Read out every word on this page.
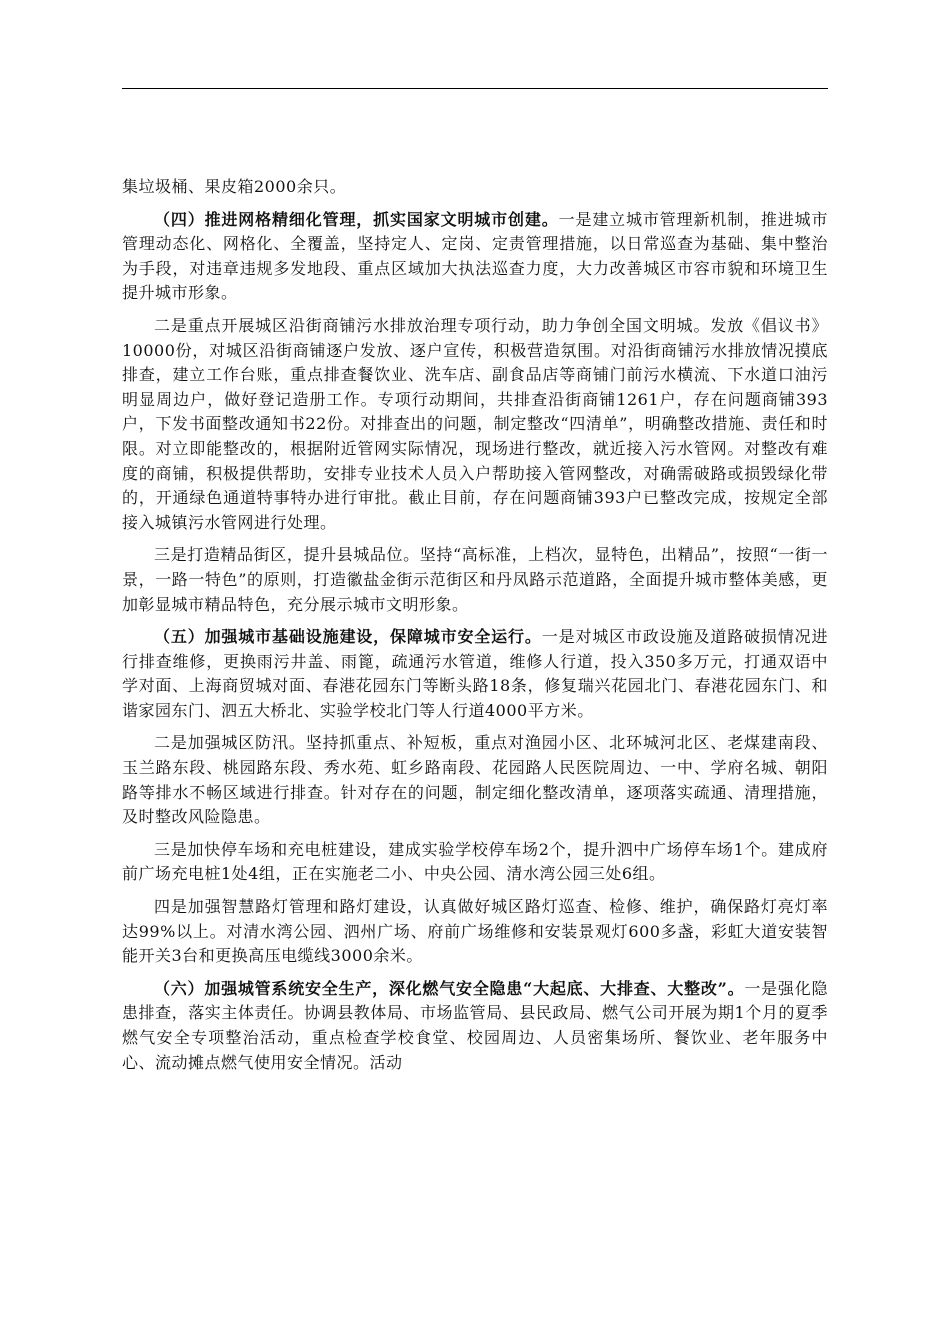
集垃圾桶、果皮箱2000余只。

（四）推进网格精细化管理，抓实国家文明城市创建。一是建立城市管理新机制，推进城市管理动态化、网格化、全覆盖，坚持定人、定岗、定责管理措施，以日常巡查为基础、集中整治为手段，对违章违规多发地段、重点区域加大执法巡查力度，大力改善城区市容市貌和环境卫生提升城市形象。

二是重点开展城区沿街商铺污水排放治理专项行动，助力争创全国文明城。发放《倡议书》10000份，对城区沿街商铺逐户发放、逐户宣传，积极营造氛围。对沿街商铺污水排放情况摸底排查，建立工作台账，重点排查餐饮业、洗车店、副食品店等商铺门前污水横流、下水道口油污明显周边户，做好登记造册工作。专项行动期间，共排查沿街商铺1261户，存在问题商铺393户，下发书面整改通知书22份。对排查出的问题，制定整改“四清单”，明确整改措施、责任和时限。对立即能整改的，根据附近管网实际情况，现场进行整改，就近接入污水管网。对整改有难度的商铺，积极提供帮助，安排专业技术人员入户帮助接入管网整改，对确需破路或损毁绿化带的，开通绿色通道特事特办进行审批。截止目前，存在问题商铺393户已整改完成，按规定全部接入城镇污水管网进行处理。

三是打造精品街区，提升县城品位。坚持“高标准，上档次，显特色，出精品”，按照“一街一景，一路一特色”的原则，打造徽盐金街示范街区和丹凤路示范道路，全面提升城市整体美感，更加彰显城市精品特色，充分展示城市文明形象。

（五）加强城市基础设施建设，保障城市安全运行。一是对城区市政设施及道路破损情况进行排查维修，更换雨污井盖、雨篦，疏通污水管道，维修人行道，投入350多万元，打通双语中学对面、上海商贸城对面、春港花园东门等断头路18条，修复瑞兴花园北门、春港花园东门、和谐家园东门、泗五大桥北、实验学校北门等人行道4000平方米。

二是加强城区防汛。坚持抓重点、补短板，重点对渔园小区、北环城河北区、老煤建南段、玉兰路东段、桃园路东段、秀水苑、虹乡路南段、花园路人民医院周边、一中、学府名城、朝阳路等排水不畅区域进行排查。针对存在的问题，制定细化整改清单，逐项落实疏通、清理措施，及时整改风险隐患。

三是加快停车场和充电桩建设，建成实验学校停车场2个，提升泗中广场停车场1个。建成府前广场充电桩1处4组，正在实施老二小、中央公园、清水湾公园三处6组。

四是加强智慧路灯管理和路灯建设，认真做好城区路灯巡查、检修、维护，确保路灯亮灯率达99%以上。对清水湾公园、泗州广场、府前广场维修和安装景观灯600多盏，彩虹大道安装智能开关3台和更换高压电缆线3000余米。

（六）加强城管系统安全生产，深化燃气安全隐患“大起底、大排查、大整改”。一是强化隐患排查，落实主体责任。协调县教体局、市场监管局、县民政局、燃气公司开展为期1个月的夏季燃气安全专项整治活动，重点检查学校食堂、校园周边、人员密集场所、餐饮业、老年服务中心、流动摊点燃气使用安全情况。活动
